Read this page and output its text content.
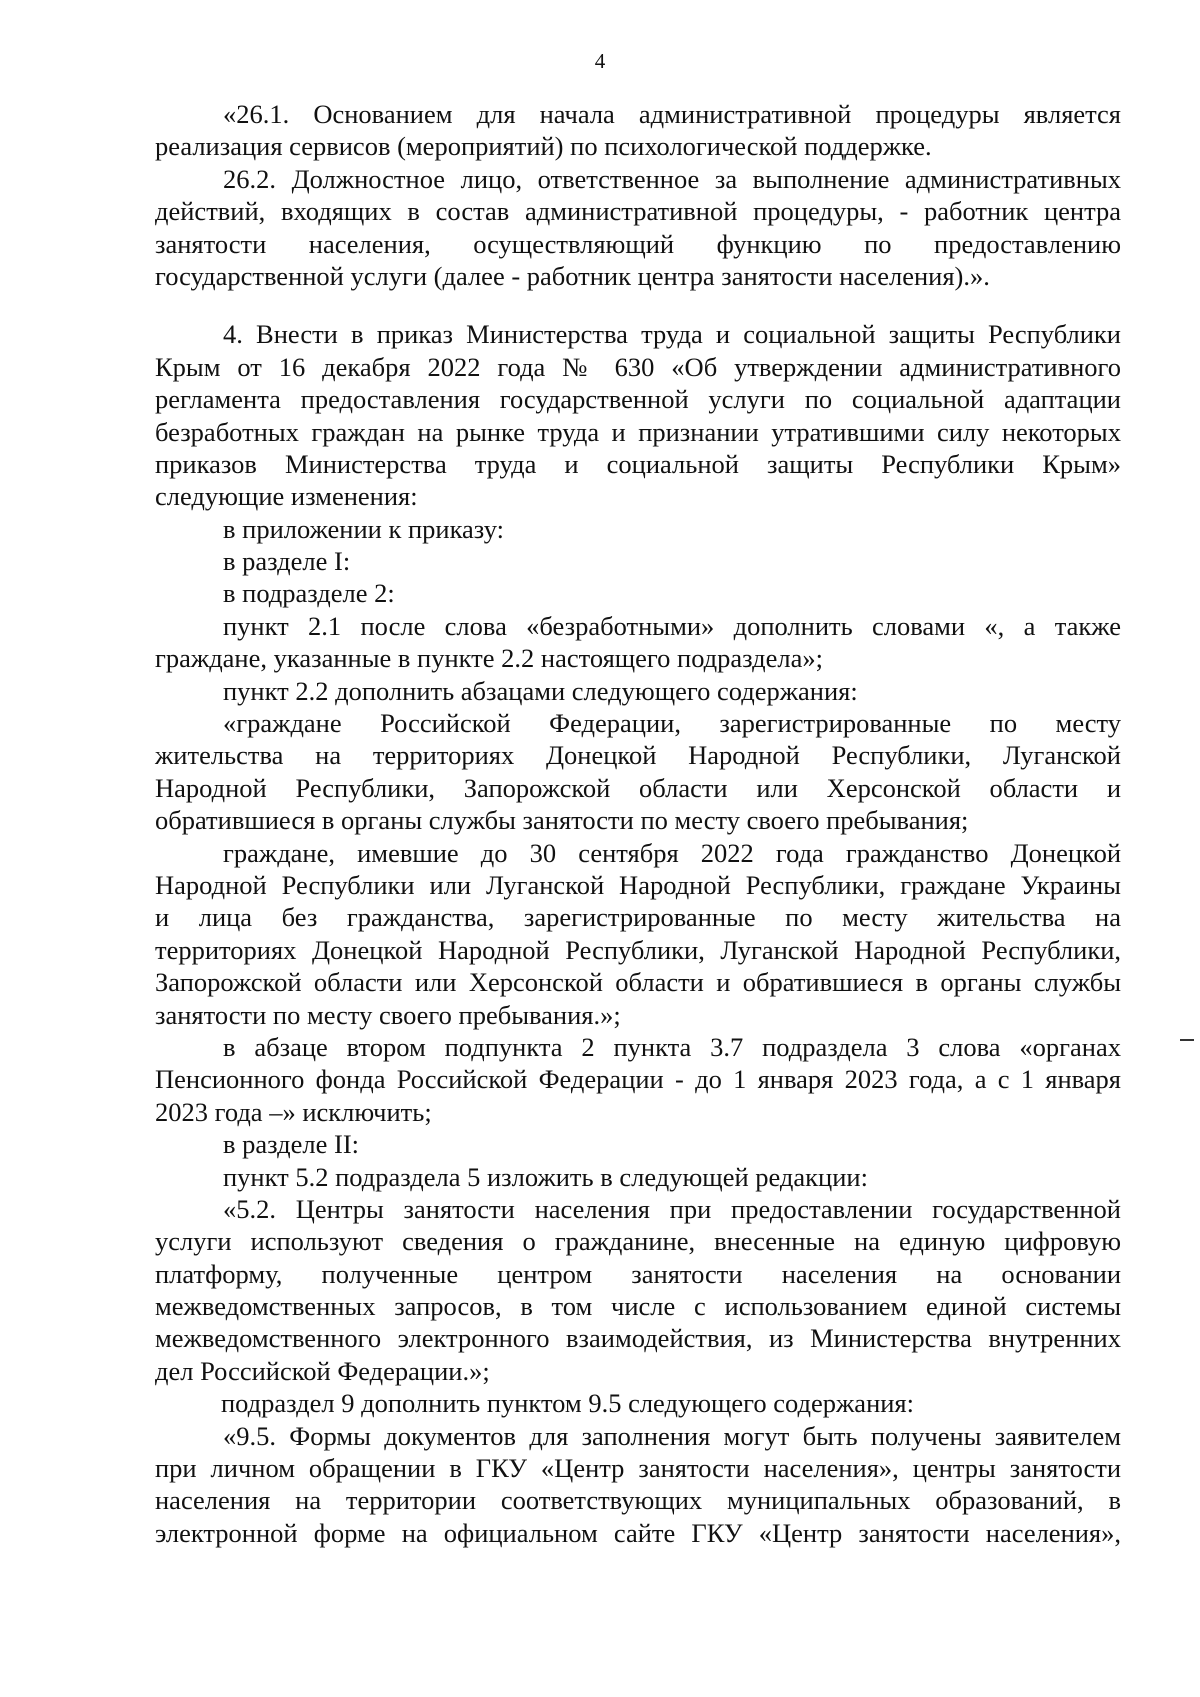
4
«26.1. Основанием для начала административной процедуры является
реализация сервисов (мероприятий) по психологической поддержке.
26.2. Должностное лицо, ответственное за выполнение административных
действий, входящих в состав административной процедуры, - работник центра
занятости населения, осуществляющий функцию по предоставлению
государственной услуги (далее - работник центра занятости населения).».
4. Внести в приказ Министерства труда и социальной защиты Республики
Крым от 16 декабря 2022 года № 630 «Об утверждении административного
регламента предоставления государственной услуги по социальной адаптации
безработных граждан на рынке труда и признании утратившими силу некоторых
приказов Министерства труда и социальной защиты Республики Крым»
следующие изменения:
в приложении к приказу:
в разделе I:
в подразделе 2:
пункт 2.1 после слова «безработными» дополнить словами «, а также
граждане, указанные в пункте 2.2 настоящего подраздела»;
пункт 2.2 дополнить абзацами следующего содержания:
«граждане Российской Федерации, зарегистрированные по месту
жительства на территориях Донецкой Народной Республики, Луганской
Народной Республики, Запорожской области или Херсонской области и
обратившиеся в органы службы занятости по месту своего пребывания;
граждане, имевшие до 30 сентября 2022 года гражданство Донецкой
Народной Республики или Луганской Народной Республики, граждане Украины
и лица без гражданства, зарегистрированные по месту жительства на
территориях Донецкой Народной Республики, Луганской Народной Республики,
Запорожской области или Херсонской области и обратившиеся в органы службы
занятости по месту своего пребывания.»;
в абзаце втором подпункта 2 пункта 3.7 подраздела 3 слова «органах
Пенсионного фонда Российской Федерации - до 1 января 2023 года, а с 1 января
2023 года –» исключить;
в разделе II:
пункт 5.2 подраздела 5 изложить в следующей редакции:
«5.2. Центры занятости населения при предоставлении государственной
услуги используют сведения о гражданине, внесенные на единую цифровую
платформу, полученные центром занятости населения на основании
межведомственных запросов, в том числе с использованием единой системы
межведомственного электронного взаимодействия, из Министерства внутренних
дел Российской Федерации.»;
подраздел 9 дополнить пунктом 9.5 следующего содержания:
«9.5. Формы документов для заполнения могут быть получены заявителем
при личном обращении в ГКУ «Центр занятости населения», центры занятости
населения на территории соответствующих муниципальных образований, в
электронной форме на официальном сайте ГКУ «Центр занятости населения»,
